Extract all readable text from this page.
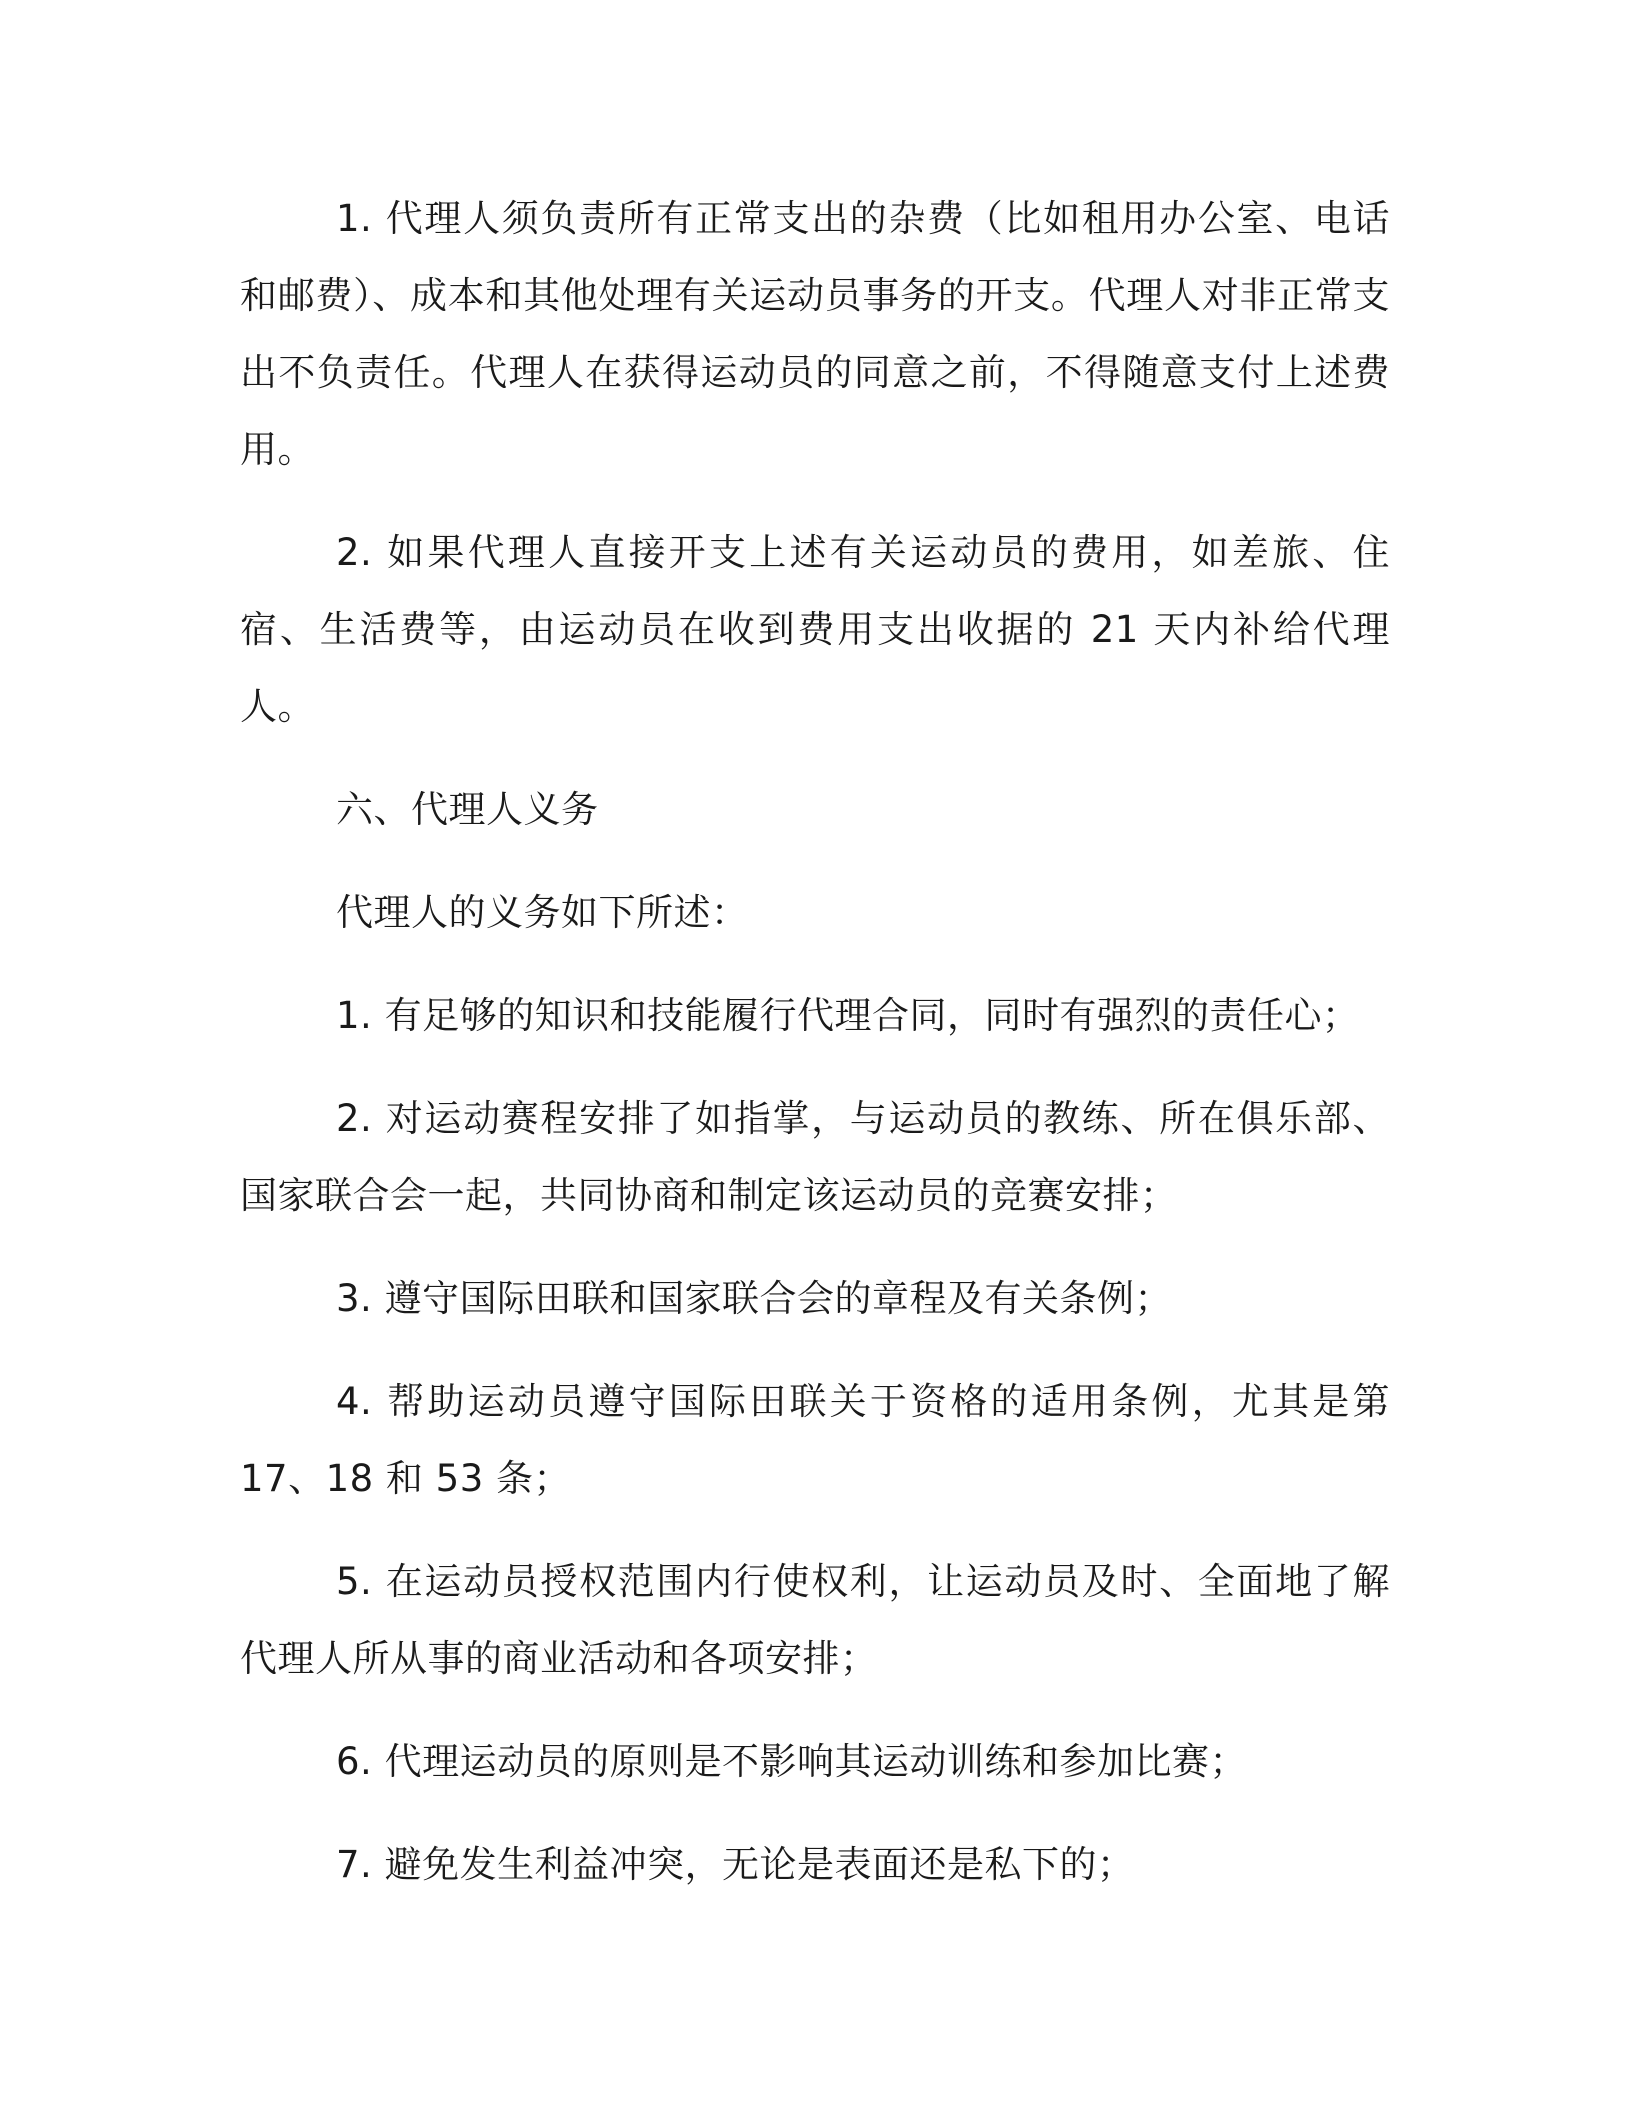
1. 代理人须负责所有正常支出的杂费（比如租用办公室、电话和邮费）、成本和其他处理有关运动员事务的开支。代理人对非正常支出不负责任。代理人在获得运动员的同意之前，不得随意支付上述费用。

2. 如果代理人直接开支上述有关运动员的费用，如差旅、住宿、生活费等，由运动员在收到费用支出收据的 21 天内补给代理人。

六、代理人义务

代理人的义务如下所述：

1. 有足够的知识和技能履行代理合同，同时有强烈的责任心；

2. 对运动赛程安排了如指掌，与运动员的教练、所在俱乐部、国家联合会一起，共同协商和制定该运动员的竞赛安排；

3. 遵守国际田联和国家联合会的章程及有关条例；

4. 帮助运动员遵守国际田联关于资格的适用条例，尤其是第 17、18 和 53 条；

5. 在运动员授权范围内行使权利，让运动员及时、全面地了解代理人所从事的商业活动和各项安排；

6. 代理运动员的原则是不影响其运动训练和参加比赛；

7. 避免发生利益冲突，无论是表面还是私下的；
